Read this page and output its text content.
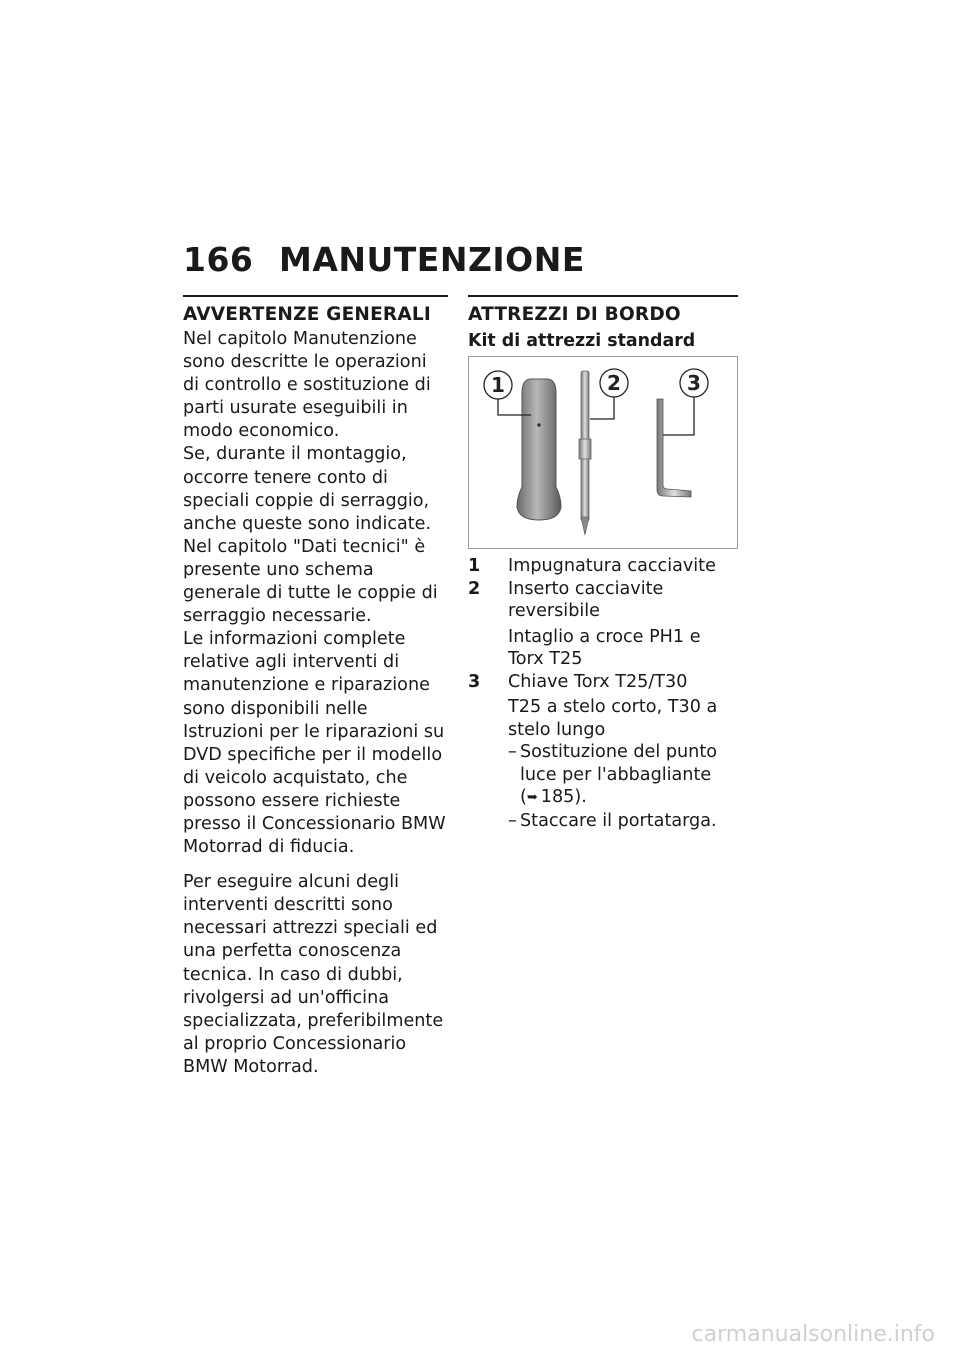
166 MANUTENZIONE
AVVERTENZE GENERALI

Nel capitolo Manutenzione sono descritte le operazioni di controllo e sostituzione di parti usurate eseguibili in modo economico.

Se, durante il montaggio, occorre tenere conto di speciali coppie di serraggio, anche queste sono indicate. Nel capitolo "Dati tecnici" è presente uno schema generale di tutte le coppie di serraggio necessarie.

Le informazioni complete relative agli interventi di manutenzione e riparazione sono disponibili nelle Istruzioni per le riparazioni su DVD specifiche per il modello di veicolo acquistato, che possono essere richieste presso il Concessionario BMW Motorrad di fiducia.

Per eseguire alcuni degli interventi descritti sono necessari attrezzi speciali ed una perfetta conoscenza tecnica. In caso di dubbi, rivolgersi ad un'officina specializzata, preferibilmente al proprio Concessionario BMW Motorrad.

ATTREZZI DI BORDO
Kit di attrezzi standard
1	2	3
1	Impugnatura cacciavite
2	Inserto cacciavite reversibile
Intaglio a croce PH1 e Torx T25
3	Chiave Torx T25/T30
T25 a stelo corto, T30 a stelo lungo
– Sostituzione del punto luce per l'abbagliante
(➥ 185).
– Staccare il portatarga.
carmanualsonline.info
